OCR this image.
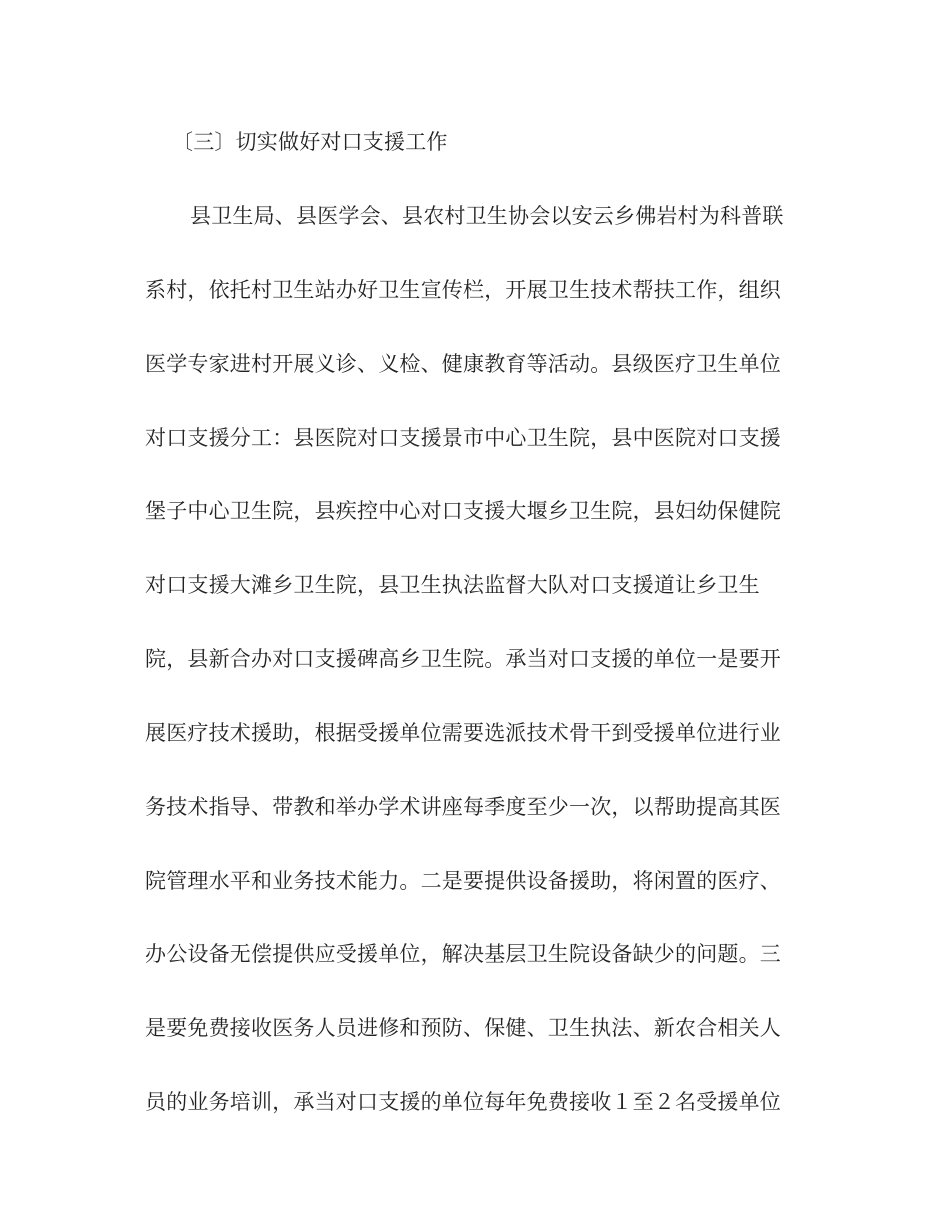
〔三〕切实做好对口支援工作
县卫生局、县医学会、县农村卫生协会以安云乡佛岩村为科普联
系村，依托村卫生站办好卫生宣传栏，开展卫生技术帮扶工作，组织
医学专家进村开展义诊、义检、健康教育等活动。县级医疗卫生单位
对口支援分工：县医院对口支援景市中心卫生院，县中医院对口支援
堡子中心卫生院，县疾控中心对口支援大堰乡卫生院，县妇幼保健院
对口支援大滩乡卫生院，县卫生执法监督大队对口支援道让乡卫生
院，县新合办对口支援碑高乡卫生院。承当对口支援的单位一是要开
展医疗技术援助，根据受援单位需要选派技术骨干到受援单位进行业
务技术指导、带教和举办学术讲座每季度至少一次，以帮助提高其医
院管理水平和业务技术能力。二是要提供设备援助，将闲置的医疗、
办公设备无偿提供应受援单位，解决基层卫生院设备缺少的问题。三
是要免费接收医务人员进修和预防、保健、卫生执法、新农合相关人
员的业务培训，承当对口支援的单位每年免费接收１至２名受援单位
